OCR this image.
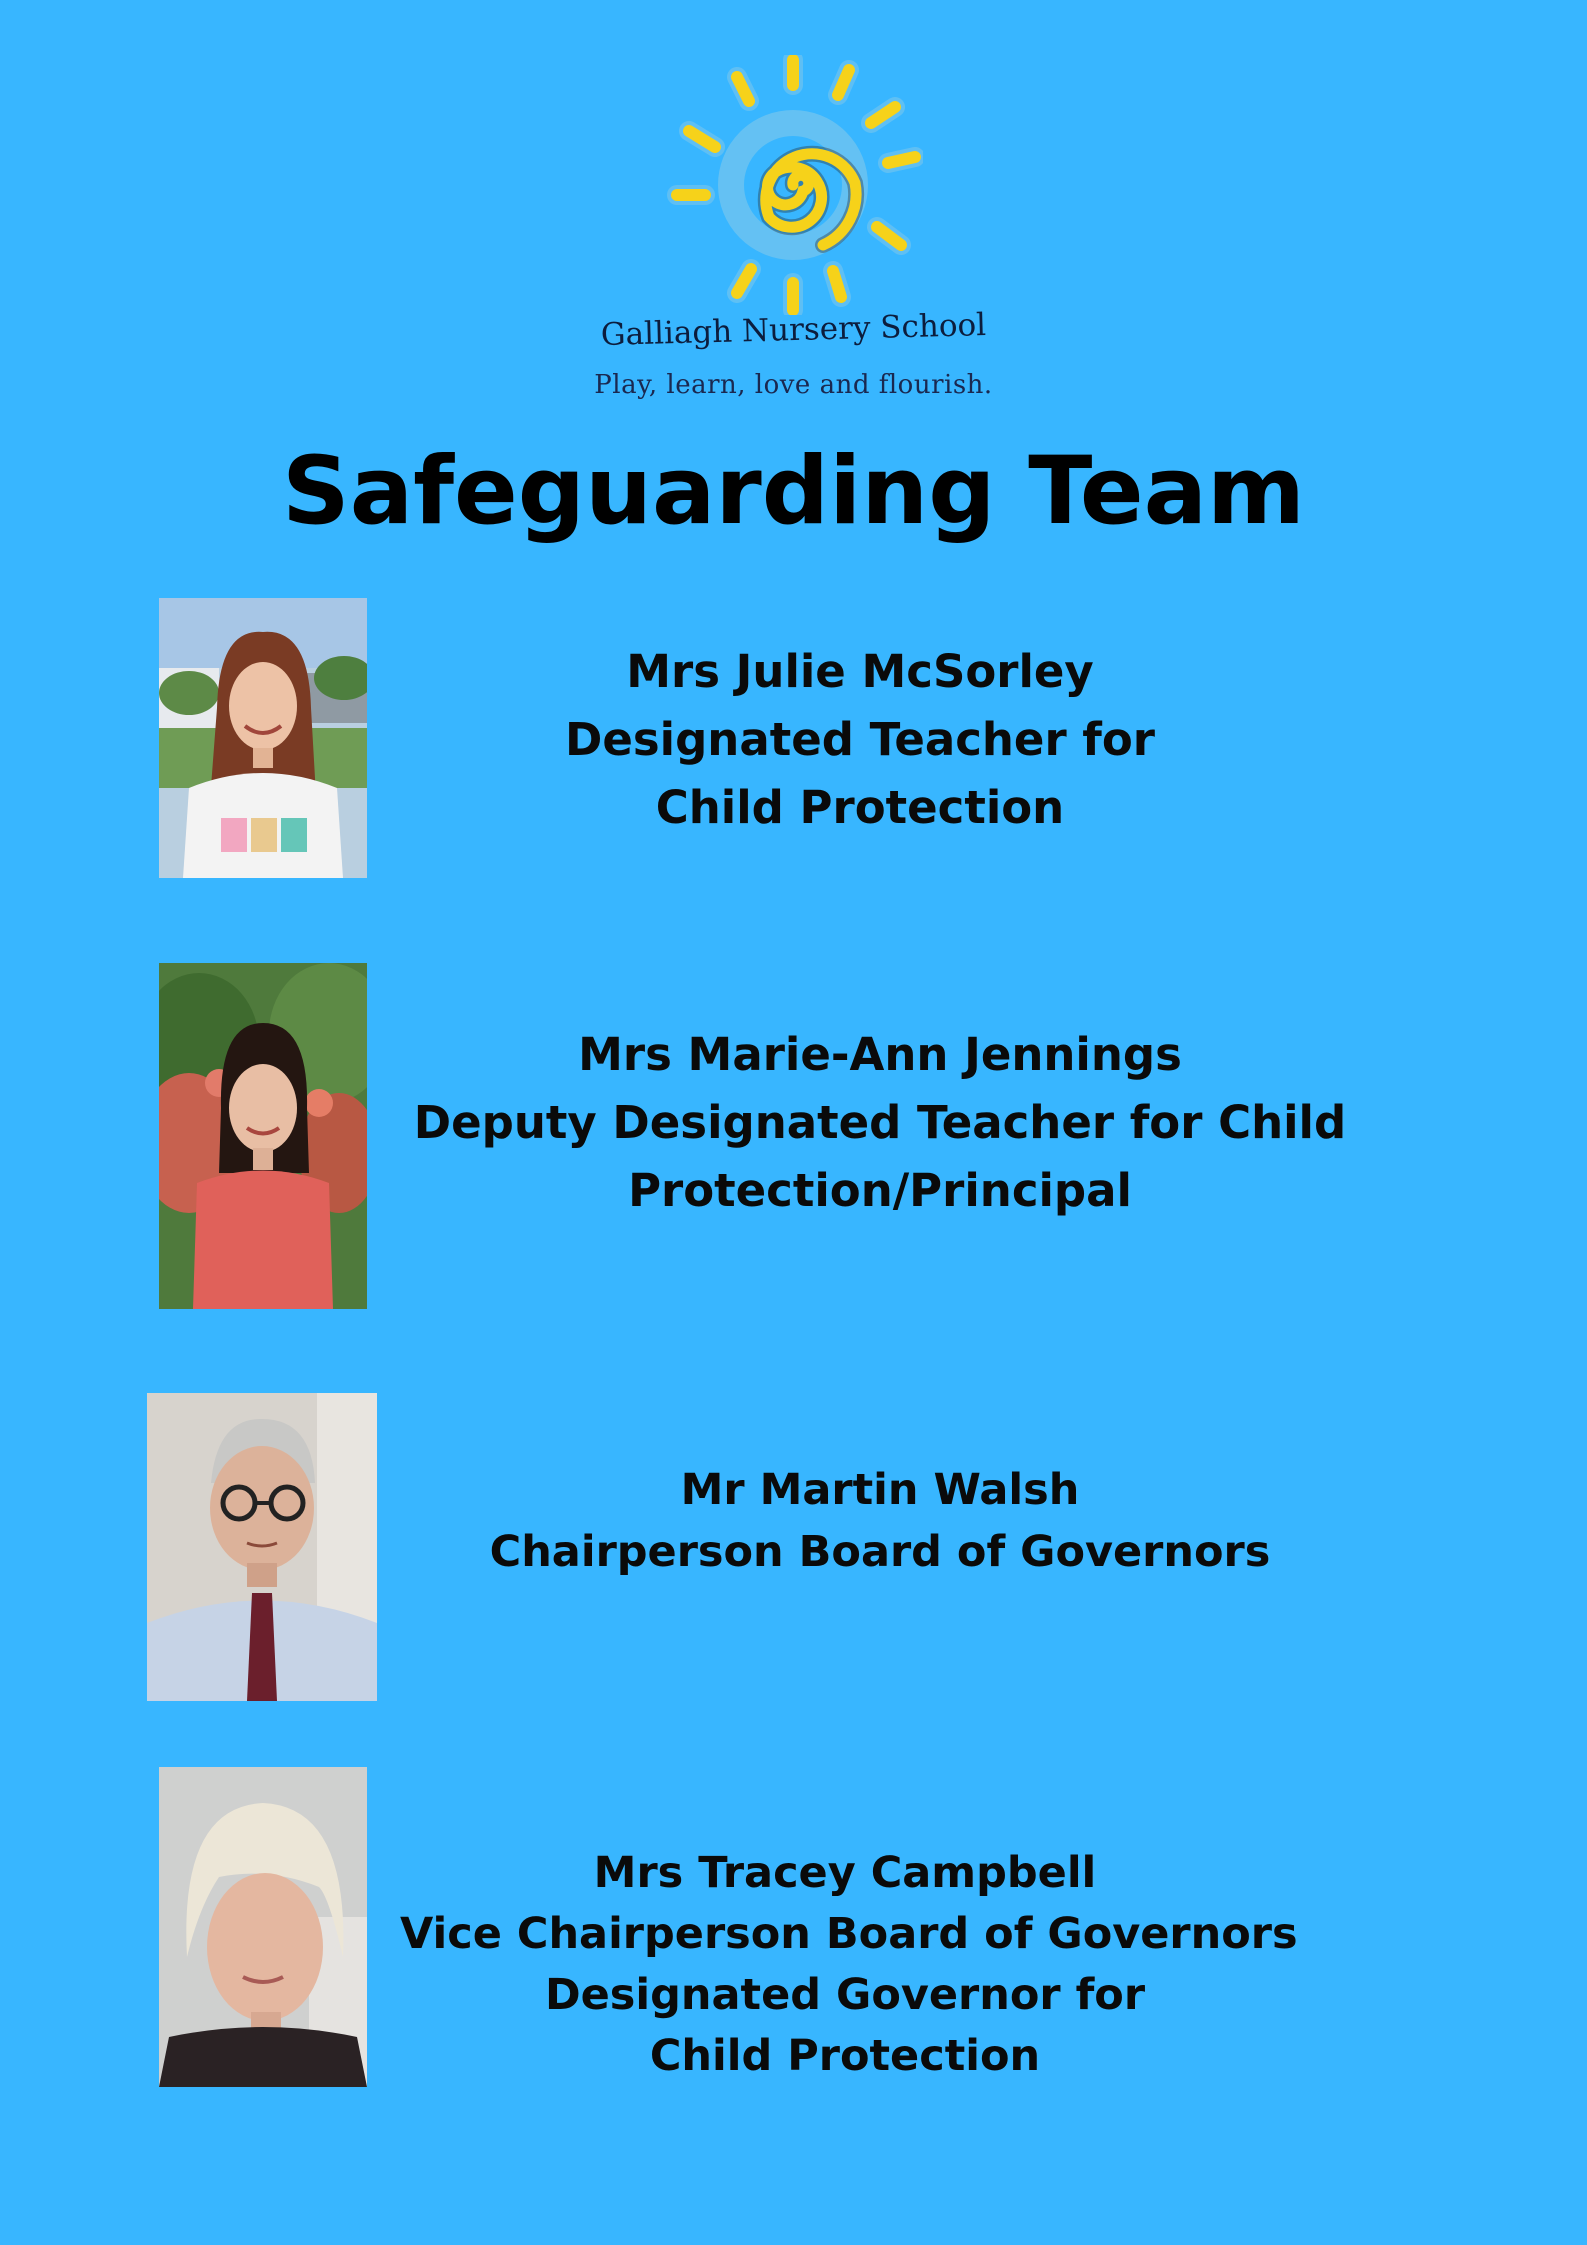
Galliagh Nursery School
Play, learn, love and flourish.
Safeguarding Team
Mrs Julie McSorley
Designated Teacher for
Child Protection
Mrs Marie-Ann Jennings
Deputy Designated Teacher for Child
Protection/Principal
Mr Martin Walsh
Chairperson Board of Governors
Mrs Tracey Campbell
Vice Chairperson Board of Governors
Designated Governor for
Child Protection
